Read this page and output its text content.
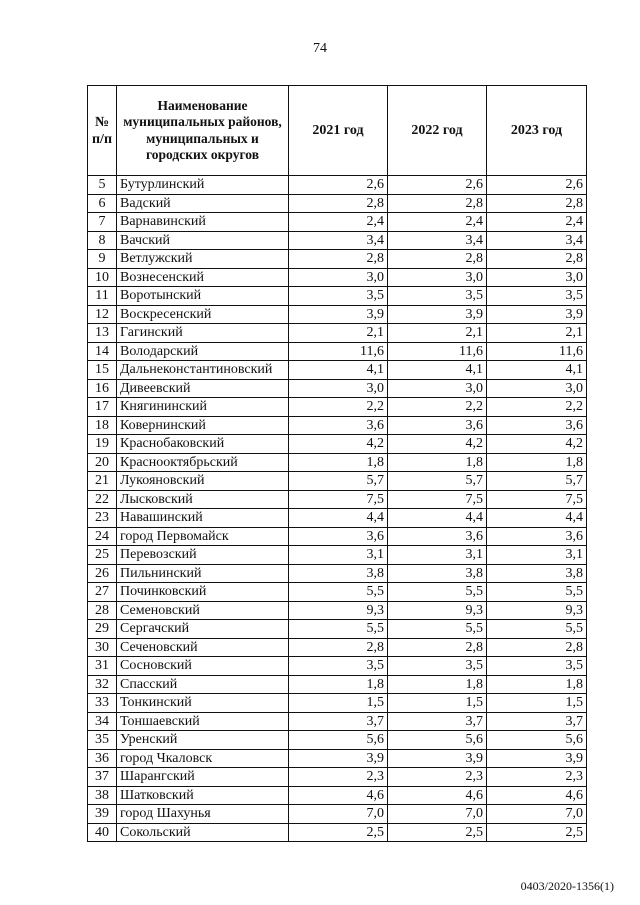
74
№ п/п	Наименование муниципальных районов, муниципальных и городских округов	2021 год	2022 год	2023 год
5	Бутурлинский	2,6	2,6	2,6
6	Вадский	2,8	2,8	2,8
7	Варнавинский	2,4	2,4	2,4
8	Вачский	3,4	3,4	3,4
9	Ветлужский	2,8	2,8	2,8
10	Вознесенский	3,0	3,0	3,0
11	Воротынский	3,5	3,5	3,5
12	Воскресенский	3,9	3,9	3,9
13	Гагинский	2,1	2,1	2,1
14	Володарский	11,6	11,6	11,6
15	Дальнеконстантиновский	4,1	4,1	4,1
16	Дивеевский	3,0	3,0	3,0
17	Княгининский	2,2	2,2	2,2
18	Ковернинский	3,6	3,6	3,6
19	Краснобаковский	4,2	4,2	4,2
20	Краснооктябрьский	1,8	1,8	1,8
21	Лукояновский	5,7	5,7	5,7
22	Лысковский	7,5	7,5	7,5
23	Навашинский	4,4	4,4	4,4
24	город Первомайск	3,6	3,6	3,6
25	Перевозский	3,1	3,1	3,1
26	Пильнинский	3,8	3,8	3,8
27	Починковский	5,5	5,5	5,5
28	Семеновский	9,3	9,3	9,3
29	Сергачский	5,5	5,5	5,5
30	Сеченовский	2,8	2,8	2,8
31	Сосновский	3,5	3,5	3,5
32	Спасский	1,8	1,8	1,8
33	Тонкинский	1,5	1,5	1,5
34	Тоншаевский	3,7	3,7	3,7
35	Уренский	5,6	5,6	5,6
36	город Чкаловск	3,9	3,9	3,9
37	Шарангский	2,3	2,3	2,3
38	Шатковский	4,6	4,6	4,6
39	город Шахунья	7,0	7,0	7,0
40	Сокольский	2,5	2,5	2,5
0403/2020-1356(1)
